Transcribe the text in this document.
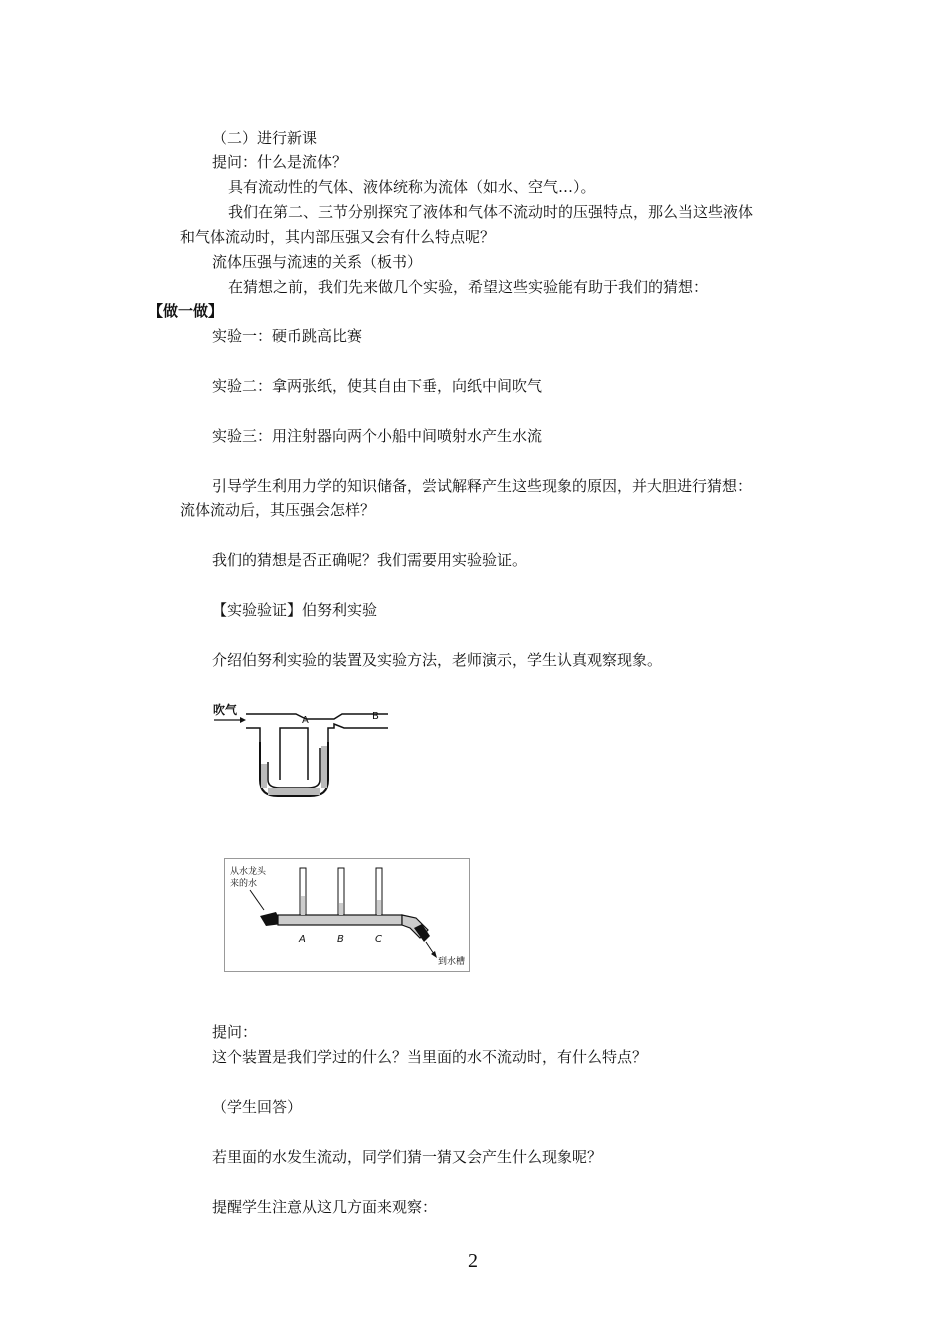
（二）进行新课
提问：什么是流体？
具有流动性的气体、液体统称为流体（如水、空气…）。
我们在第二、三节分别探究了液体和气体不流动时的压强特点，那么当这些液体
和气体流动时，其内部压强又会有什么特点呢？
流体压强与流速的关系（板书）
在猜想之前，我们先来做几个实验，希望这些实验能有助于我们的猜想：
【做一做】
实验一：硬币跳高比赛
实验二：拿两张纸，使其自由下垂，向纸中间吹气
实验三：用注射器向两个小船中间喷射水产生水流
引导学生利用力学的知识储备，尝试解释产生这些现象的原因，并大胆进行猜想：
流体流动后，其压强会怎样？
我们的猜想是否正确呢？我们需要用实验验证。
【实验验证】伯努利实验
介绍伯努利实验的装置及实验方法，老师演示，学生认真观察现象。
吹气
A	B
从水龙头
来的水
A	B	C
到水槽
提问：
这个装置是我们学过的什么？当里面的水不流动时，有什么特点？
（学生回答）
若里面的水发生流动，同学们猜一猜又会产生什么现象呢？
提醒学生注意从这几方面来观察：
2
